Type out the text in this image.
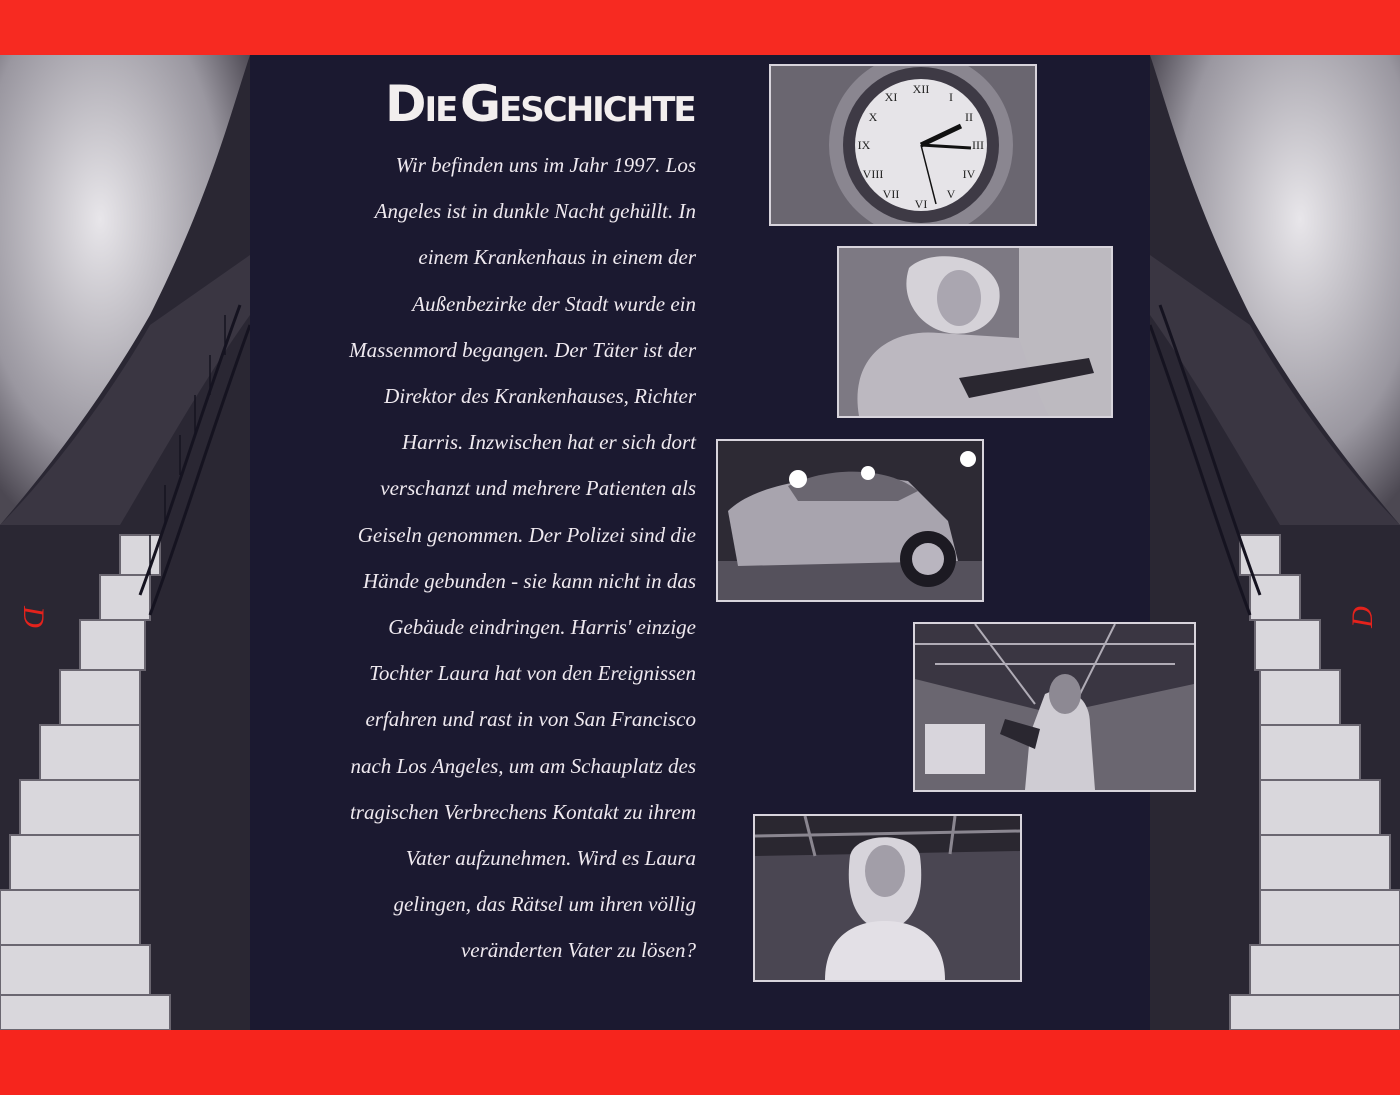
D	D
DIE GESCHICHTE
Wir befinden uns im Jahr 1997. Los
Angeles ist in dunkle Nacht gehüllt. In
einem Krankenhaus in einem der
Außenbezirke der Stadt wurde ein
Massenmord begangen. Der Täter ist der
Direktor des Krankenhauses, Richter
Harris. Inzwischen hat er sich dort
verschanzt und mehrere Patienten als
Geiseln genommen. Der Polizei sind die
Hände gebunden - sie kann nicht in das
Gebäude eindringen. Harris' einzige
Tochter Laura hat von den Ereignissen
erfahren und rast in von San Francisco
nach Los Angeles, um am Schauplatz des
tragischen Verbrechens Kontakt zu ihrem
Vater aufzunehmen. Wird es Laura
gelingen, das Rätsel um ihren völlig
veränderten Vater zu lösen?
XII
VI
III
IX
I
II
IV
V
VII
VIII
X
XI
